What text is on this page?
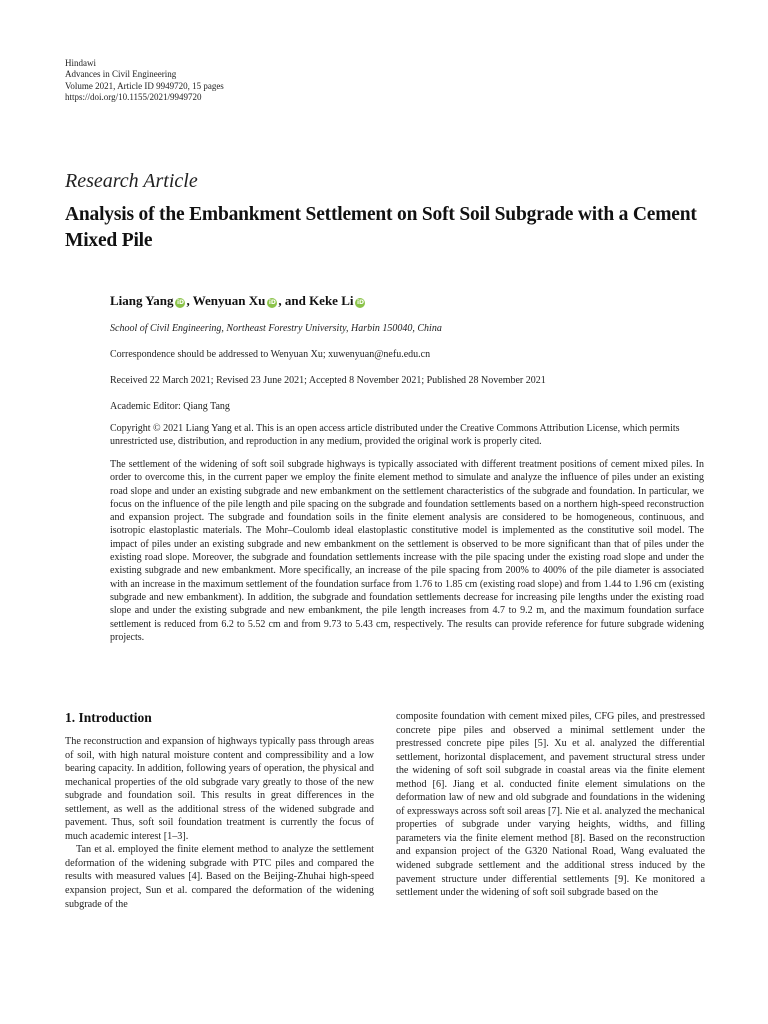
Hindawi
Advances in Civil Engineering
Volume 2021, Article ID 9949720, 15 pages
https://doi.org/10.1155/2021/9949720
Research Article
Analysis of the Embankment Settlement on Soft Soil Subgrade with a Cement Mixed Pile
Liang Yang iD , Wenyuan Xu iD , and Keke Li iD
School of Civil Engineering, Northeast Forestry University, Harbin 150040, China
Correspondence should be addressed to Wenyuan Xu; xuwenyuan@nefu.edu.cn
Received 22 March 2021; Revised 23 June 2021; Accepted 8 November 2021; Published 28 November 2021
Academic Editor: Qiang Tang
Copyright © 2021 Liang Yang et al. This is an open access article distributed under the Creative Commons Attribution License, which permits unrestricted use, distribution, and reproduction in any medium, provided the original work is properly cited.
The settlement of the widening of soft soil subgrade highways is typically associated with different treatment positions of cement mixed piles. In order to overcome this, in the current paper we employ the finite element method to simulate and analyze the influence of piles under an existing road slope and under an existing subgrade and new embankment on the settlement characteristics of the subgrade and foundation. In particular, we focus on the influence of the pile length and pile spacing on the subgrade and foundation settlements based on a northern high-speed reconstruction and expansion project. The subgrade and foundation soils in the finite element analysis are considered to be homogeneous, continuous, and isotropic elastoplastic materials. The Mohr–Coulomb ideal elastoplastic constitutive model is implemented as the constitutive soil model. The impact of piles under an existing subgrade and new embankment on the settlement is observed to be more significant than that of piles under the existing road slope. Moreover, the subgrade and foundation settlements increase with the pile spacing under the existing road slope and under the existing subgrade and new embankment. More specifically, an increase of the pile spacing from 200% to 400% of the pile diameter is associated with an increase in the maximum settlement of the foundation surface from 1.76 to 1.85 cm (existing road slope) and from 1.44 to 1.96 cm (existing subgrade and new embankment). In addition, the subgrade and foundation settlements decrease for increasing pile lengths under the existing road slope and under the existing subgrade and new embankment, the pile length increases from 4.7 to 9.2 m, and the maximum foundation surface settlement is reduced from 6.2 to 5.52 cm and from 9.73 to 5.43 cm, respectively. The results can provide reference for future subgrade widening projects.
1. Introduction

The reconstruction and expansion of highways typically pass through areas of soil, with high natural moisture content and compressibility and a low bearing capacity. In addition, following years of operation, the physical and mechanical properties of the old subgrade vary greatly to those of the new subgrade and foundation soil. This results in great differences in the settlement, as well as the additional stress of the widened subgrade and pavement. Thus, soft soil foundation treatment is currently the focus of much academic interest [1–3].

Tan et al. employed the finite element method to analyze the settlement deformation of the widening subgrade with PTC piles and compared the results with measured values [4]. Based on the Beijing-Zhuhai high-speed expansion project, Sun et al. compared the deformation of the widening subgrade of the

composite foundation with cement mixed piles, CFG piles, and prestressed concrete pipe piles and observed a minimal settlement under the prestressed concrete pipe piles [5]. Xu et al. analyzed the differential settlement, horizontal displacement, and pavement structural stress under the widening of soft soil subgrade in coastal areas via the finite element method [6]. Jiang et al. conducted finite element simulations on the deformation law of new and old subgrade and foundations in the widening of expressways across soft soil areas [7]. Nie et al. analyzed the mechanical properties of subgrade under varying heights, widths, and filling parameters via the finite element method [8]. Based on the reconstruction and expansion project of the G320 National Road, Wang evaluated the widened subgrade settlement and the additional stress induced by the pavement structure under differential settlements [9]. Ke monitored a settlement under the widening of soft soil subgrade based on the
